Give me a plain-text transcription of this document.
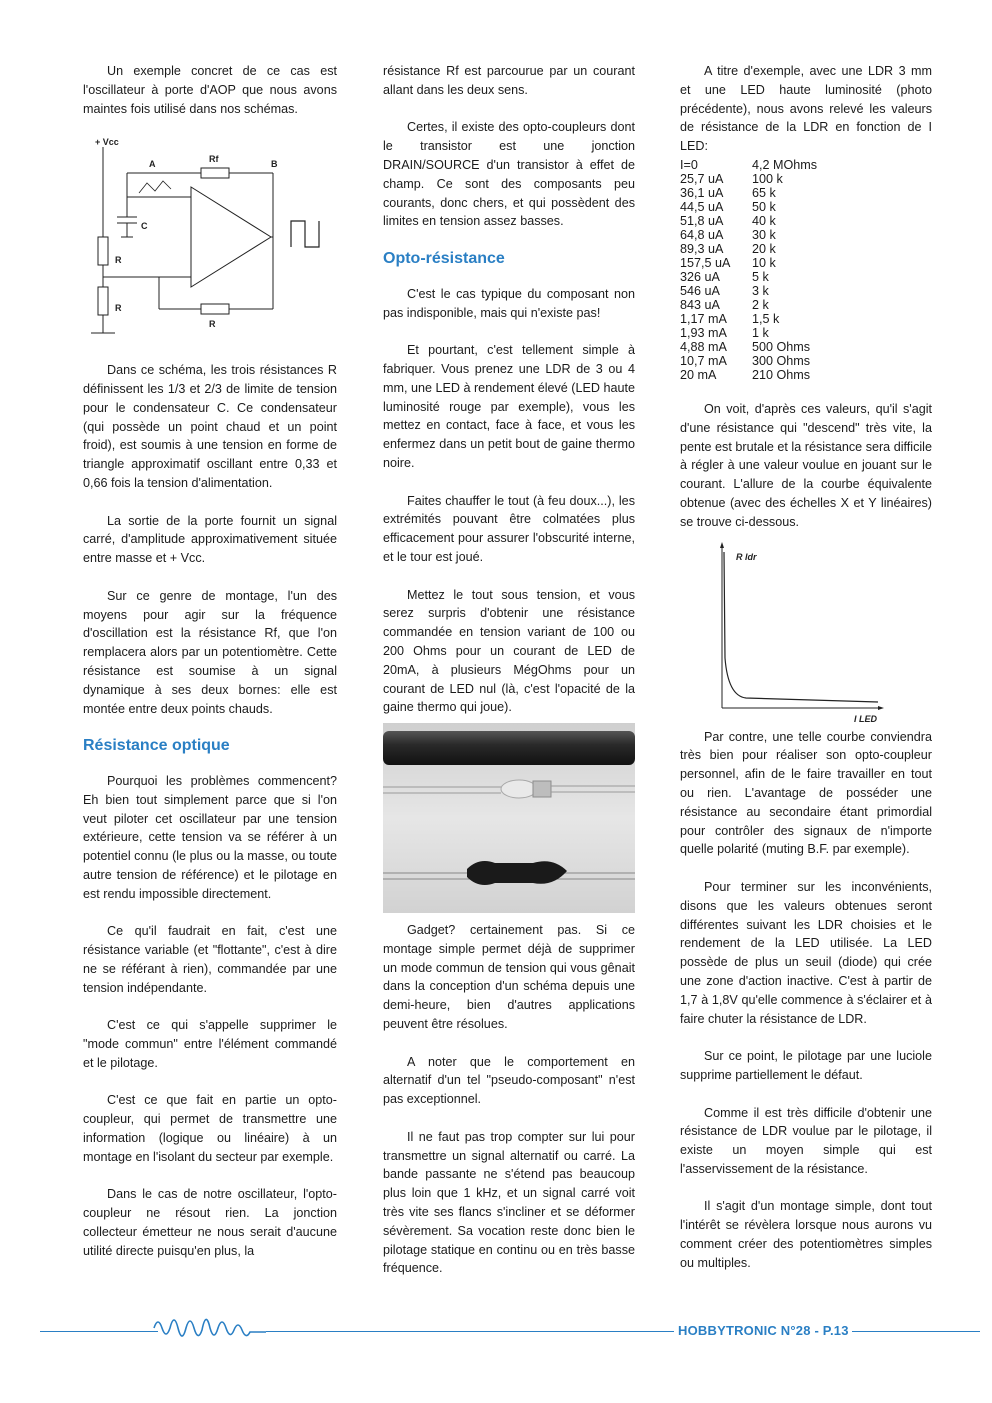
Un exemple concret de ce cas est l'oscillateur à porte d'AOP que nous avons maintes fois utilisé dans nos schémas.

+ Vcc
A	Rf	B
C
R
R
R

Dans ce schéma, les trois résistances R définissent les 1/3 et 2/3 de limite de tension pour le condensateur C. Ce condensateur (qui possède un point chaud et un point froid), est soumis à une tension en forme de triangle approximatif oscillant entre 0,33 et 0,66 fois la tension d'alimentation.

La sortie de la porte fournit un signal carré, d'amplitude approximativement située entre masse et + Vcc.

Sur ce genre de montage, l'un des moyens pour agir sur la fréquence d'oscillation est la résistance Rf, que l'on remplacera alors par un potentiomètre. Cette résistance est soumise à un signal dynamique à ses deux bornes: elle est montée entre deux points chauds.

Résistance optique

Pourquoi les problèmes commencent? Eh bien tout simplement parce que si l'on veut piloter cet oscillateur par une tension extérieure, cette tension va se référer à un potentiel connu (le plus ou la masse, ou toute autre tension de référence) et le pilotage en est rendu impossible directement.

Ce qu'il faudrait en fait, c'est une résistance variable (et "flottante", c'est à dire ne se référant à rien), commandée par une tension indépendante.

C'est ce qui s'appelle supprimer le "mode commun" entre l'élément commandé et le pilotage.

C'est ce que fait en partie un opto-coupleur, qui permet de transmettre une information (logique ou linéaire) à un montage en l'isolant du secteur par exemple.

Dans le cas de notre oscillateur, l'opto-coupleur ne résout rien. La jonction collecteur émetteur ne nous serait d'aucune utilité directe puisqu'en plus, la

résistance Rf est parcourue par un courant allant dans les deux sens.

Certes, il existe des opto-coupleurs dont le transistor est une jonction DRAIN/SOURCE d'un transistor à effet de champ. Ce sont des composants peu courants, donc chers, et qui possèdent des limites en tension assez basses.

Opto-résistance

C'est le cas typique du composant non pas indisponible, mais qui n'existe pas!

Et pourtant, c'est tellement simple à fabriquer. Vous prenez une LDR de 3 ou 4 mm, une LED à rendement élevé (LED haute luminosité rouge par exemple), vous les mettez en contact, face à face, et vous les enfermez dans un petit bout de gaine thermo noire.

Faites chauffer le tout (à feu doux...), les extrémités pouvant être colmatées plus efficacement pour assurer l'obscurité interne, et le tour est joué.

Mettez le tout sous tension, et vous serez surpris d'obtenir une résistance commandée en tension variant de 100 ou 200 Ohms pour un courant de LED de 20mA, à plusieurs MégOhms pour un courant de LED nul (là, c'est l'opacité de la gaine thermo qui joue).

Gadget? certainement pas. Si ce montage simple permet déjà de supprimer un mode commun de tension qui vous gênait dans la conception d'un schéma depuis une demi-heure, bien d'autres applications peuvent être résolues.

A noter que le comportement en alternatif d'un tel "pseudo-composant" n'est pas exceptionnel.

Il ne faut pas trop compter sur lui pour transmettre un signal alternatif ou carré. La bande passante ne s'étend pas beaucoup plus loin que 1 kHz, et un signal carré voit très vite ses flancs s'incliner et se déformer sévèrement. Sa vocation reste donc bien le pilotage statique en continu ou en très basse fréquence.

A titre d'exemple, avec une LDR 3 mm et une LED haute luminosité (photo précédente), nous avons relevé les valeurs de résistance de la LDR en fonction de I LED:

I=0	4,2 MOhms
25,7 uA	100 k
36,1 uA	65 k
44,5 uA	50 k
51,8 uA	40 k
64,8 uA	30 k
89,3 uA	20 k
157,5 uA	10 k
326 uA	5 k
546 uA	3 k
843 uA	2 k
1,17 mA	1,5 k
1,93 mA	1 k
4,88 mA	500 Ohms
10,7 mA	300 Ohms
20 mA	210 Ohms

On voit, d'après ces valeurs, qu'il s'agit d'une résistance qui "descend" très vite, la pente est brutale et la résistance sera difficile à régler à une valeur voulue en jouant sur le courant. L'allure de la courbe équivalente obtenue (avec des échelles X et Y linéaires) se trouve ci-dessous.

R ldr
I LED

Par contre, une telle courbe conviendra très bien pour réaliser son opto-coupleur personnel, afin de le faire travailler en tout ou rien. L'avantage de posséder une résistance au secondaire étant primordial pour contrôler des signaux de n'importe quelle polarité (muting B.F. par exemple).

Pour terminer sur les inconvénients, disons que les valeurs obtenues seront différentes suivant les LDR choisies et le rendement de la LED utilisée. La LED possède de plus un seuil (diode) qui crée une zone d'action inactive. C'est à partir de 1,7 à 1,8V qu'elle commence à s'éclairer et à faire chuter la résistance de LDR.

Sur ce point, le pilotage par une luciole supprime partiellement le défaut.

Comme il est très difficile d'obtenir une résistance de LDR voulue par le pilotage, il existe un moyen simple qui est l'asservissement de la résistance.

Il s'agit d'un montage simple, dont tout l'intérêt se révèlera lorsque nous aurons vu comment créer des potentiomètres simples ou multiples.

HOBBYTRONIC N°28 - P.13
